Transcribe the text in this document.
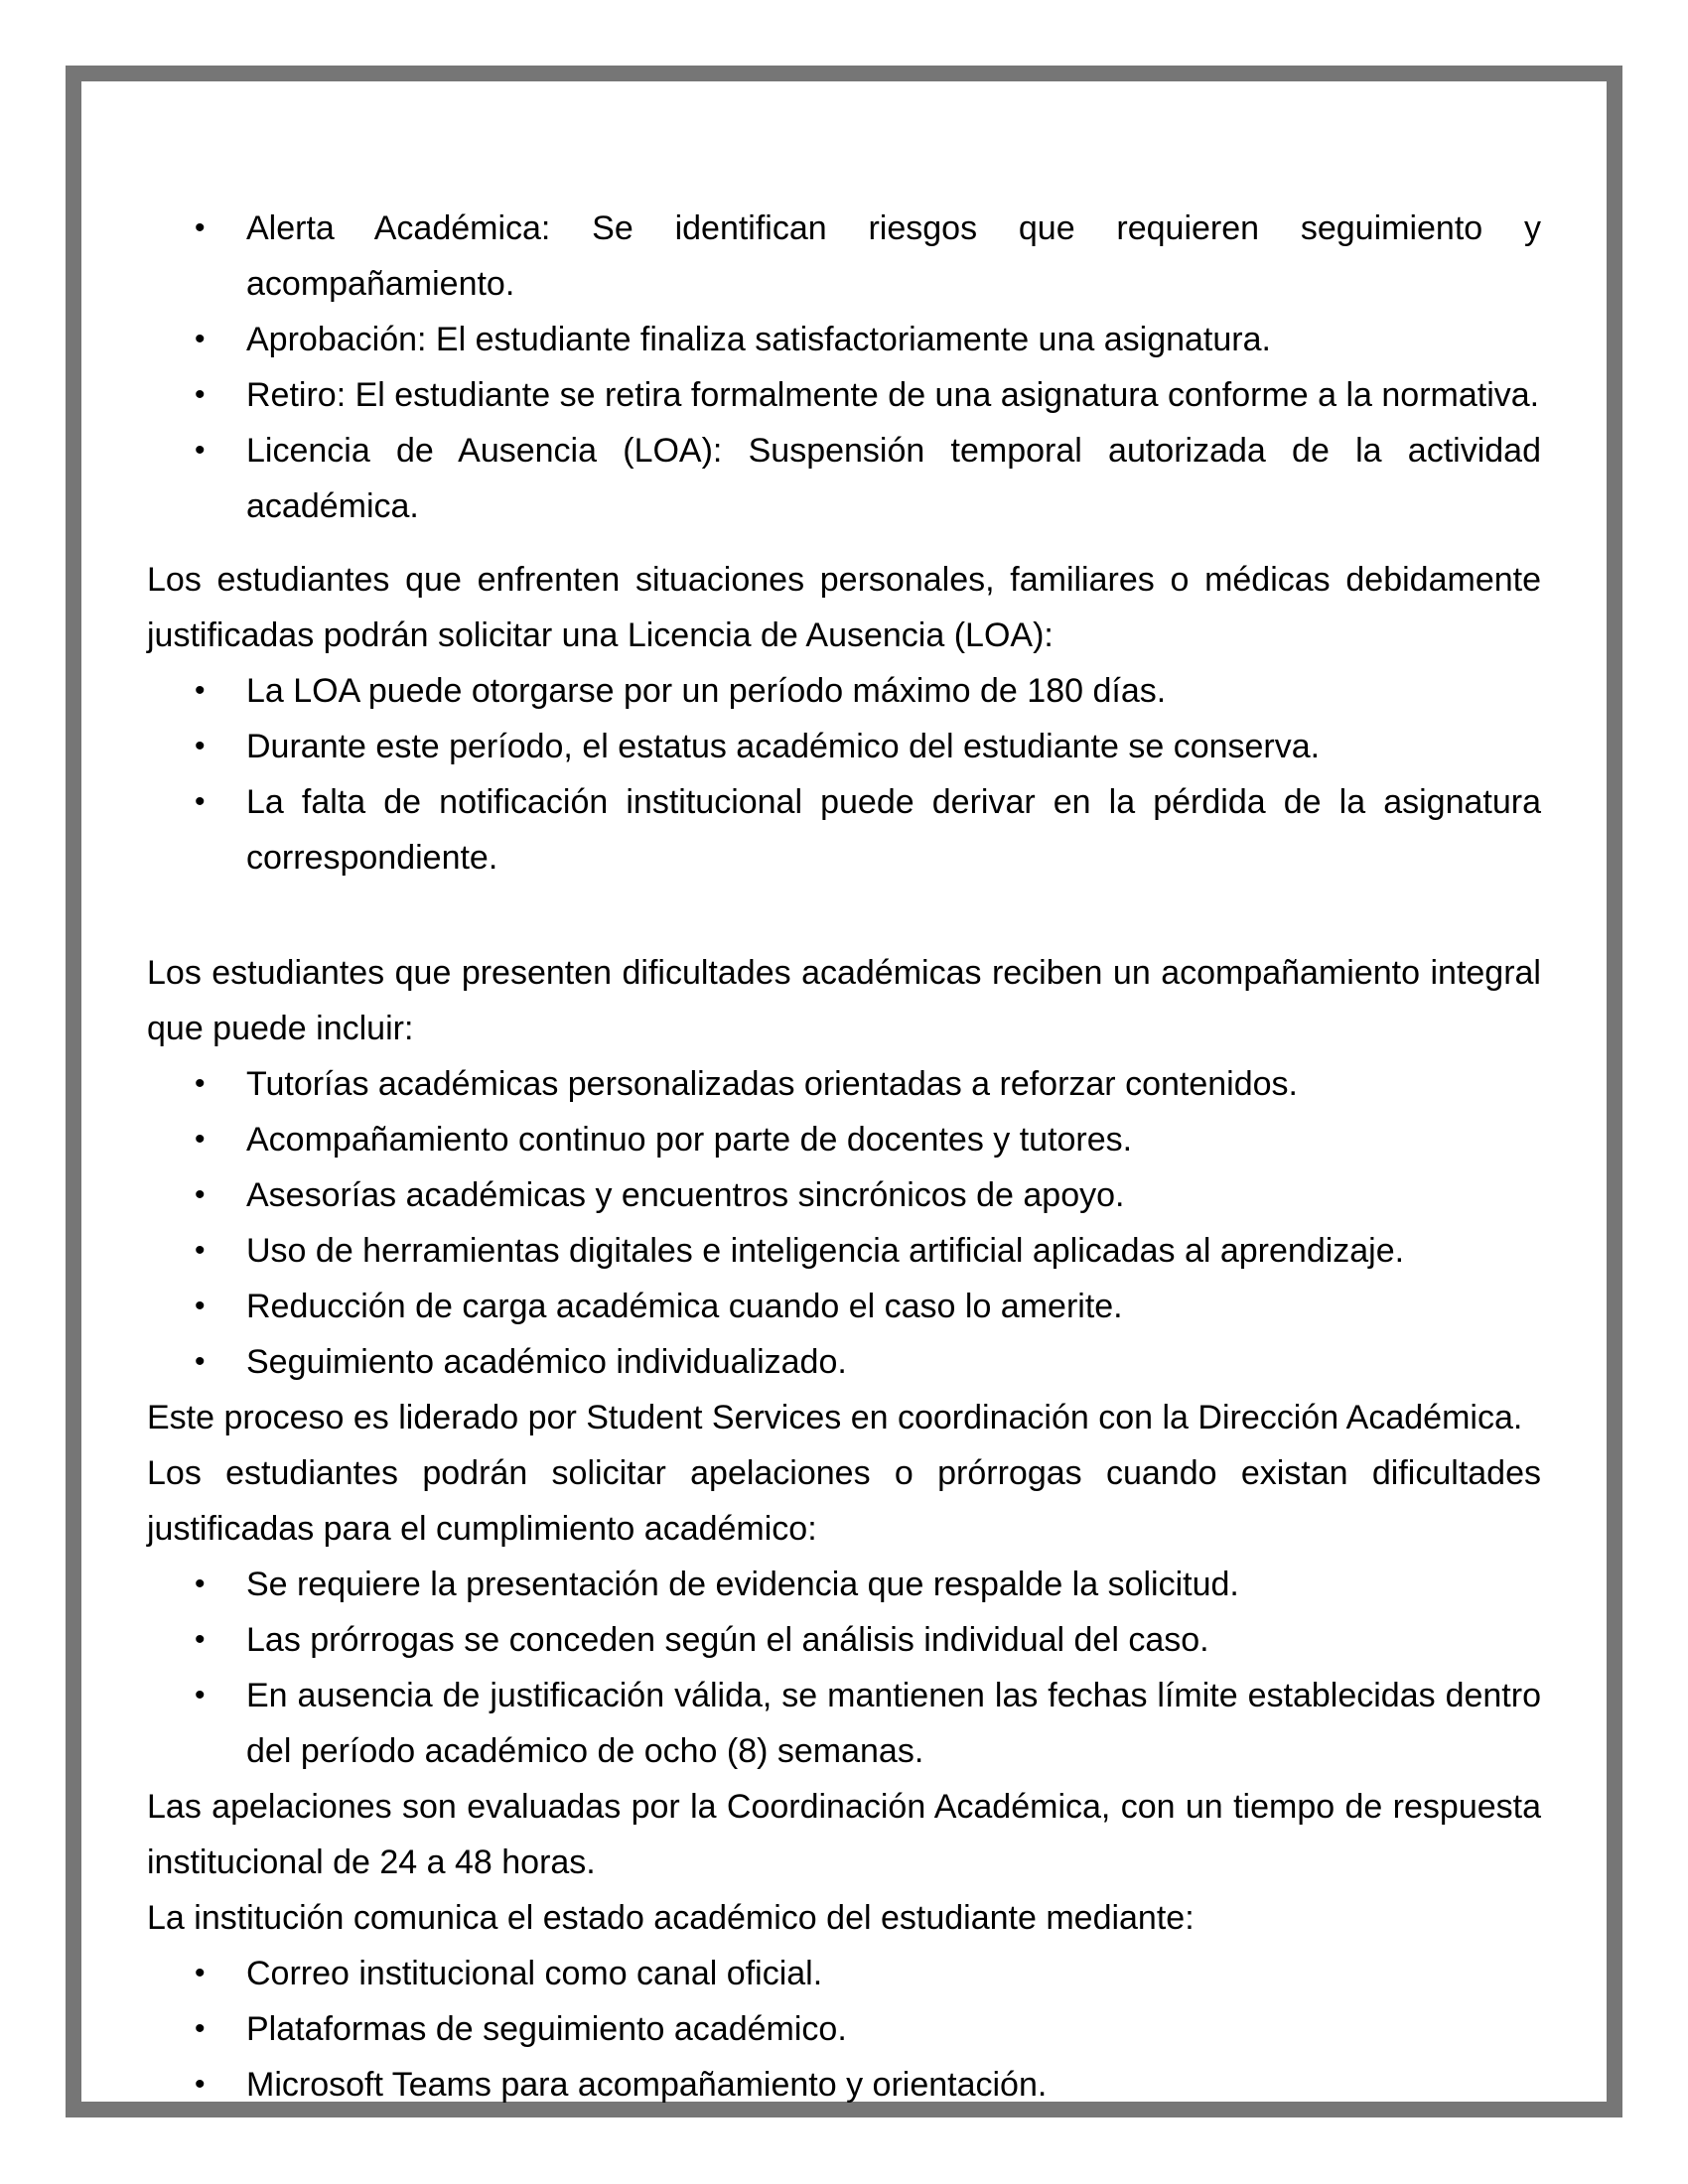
• Alerta Académica: Se identifican riesgos que requieren seguimiento y acompañamiento.
• Aprobación: El estudiante finaliza satisfactoriamente una asignatura.
• Retiro: El estudiante se retira formalmente de una asignatura conforme a la normativa.
• Licencia de Ausencia (LOA): Suspensión temporal autorizada de la actividad académica.

Los estudiantes que enfrenten situaciones personales, familiares o médicas debidamente justificadas podrán solicitar una Licencia de Ausencia (LOA):

• La LOA puede otorgarse por un período máximo de 180 días.
• Durante este período, el estatus académico del estudiante se conserva.
• La falta de notificación institucional puede derivar en la pérdida de la asignatura correspondiente.

Los estudiantes que presenten dificultades académicas reciben un acompañamiento integral que puede incluir:

• Tutorías académicas personalizadas orientadas a reforzar contenidos.
• Acompañamiento continuo por parte de docentes y tutores.
• Asesorías académicas y encuentros sincrónicos de apoyo.
• Uso de herramientas digitales e inteligencia artificial aplicadas al aprendizaje.
• Reducción de carga académica cuando el caso lo amerite.
• Seguimiento académico individualizado.

Este proceso es liderado por Student Services en coordinación con la Dirección Académica.

Los estudiantes podrán solicitar apelaciones o prórrogas cuando existan dificultades justificadas para el cumplimiento académico:

• Se requiere la presentación de evidencia que respalde la solicitud.
• Las prórrogas se conceden según el análisis individual del caso.
• En ausencia de justificación válida, se mantienen las fechas límite establecidas dentro del período académico de ocho (8) semanas.

Las apelaciones son evaluadas por la Coordinación Académica, con un tiempo de respuesta institucional de 24 a 48 horas.

La institución comunica el estado académico del estudiante mediante:

• Correo institucional como canal oficial.
• Plataformas de seguimiento académico.
• Microsoft Teams para acompañamiento y orientación.
